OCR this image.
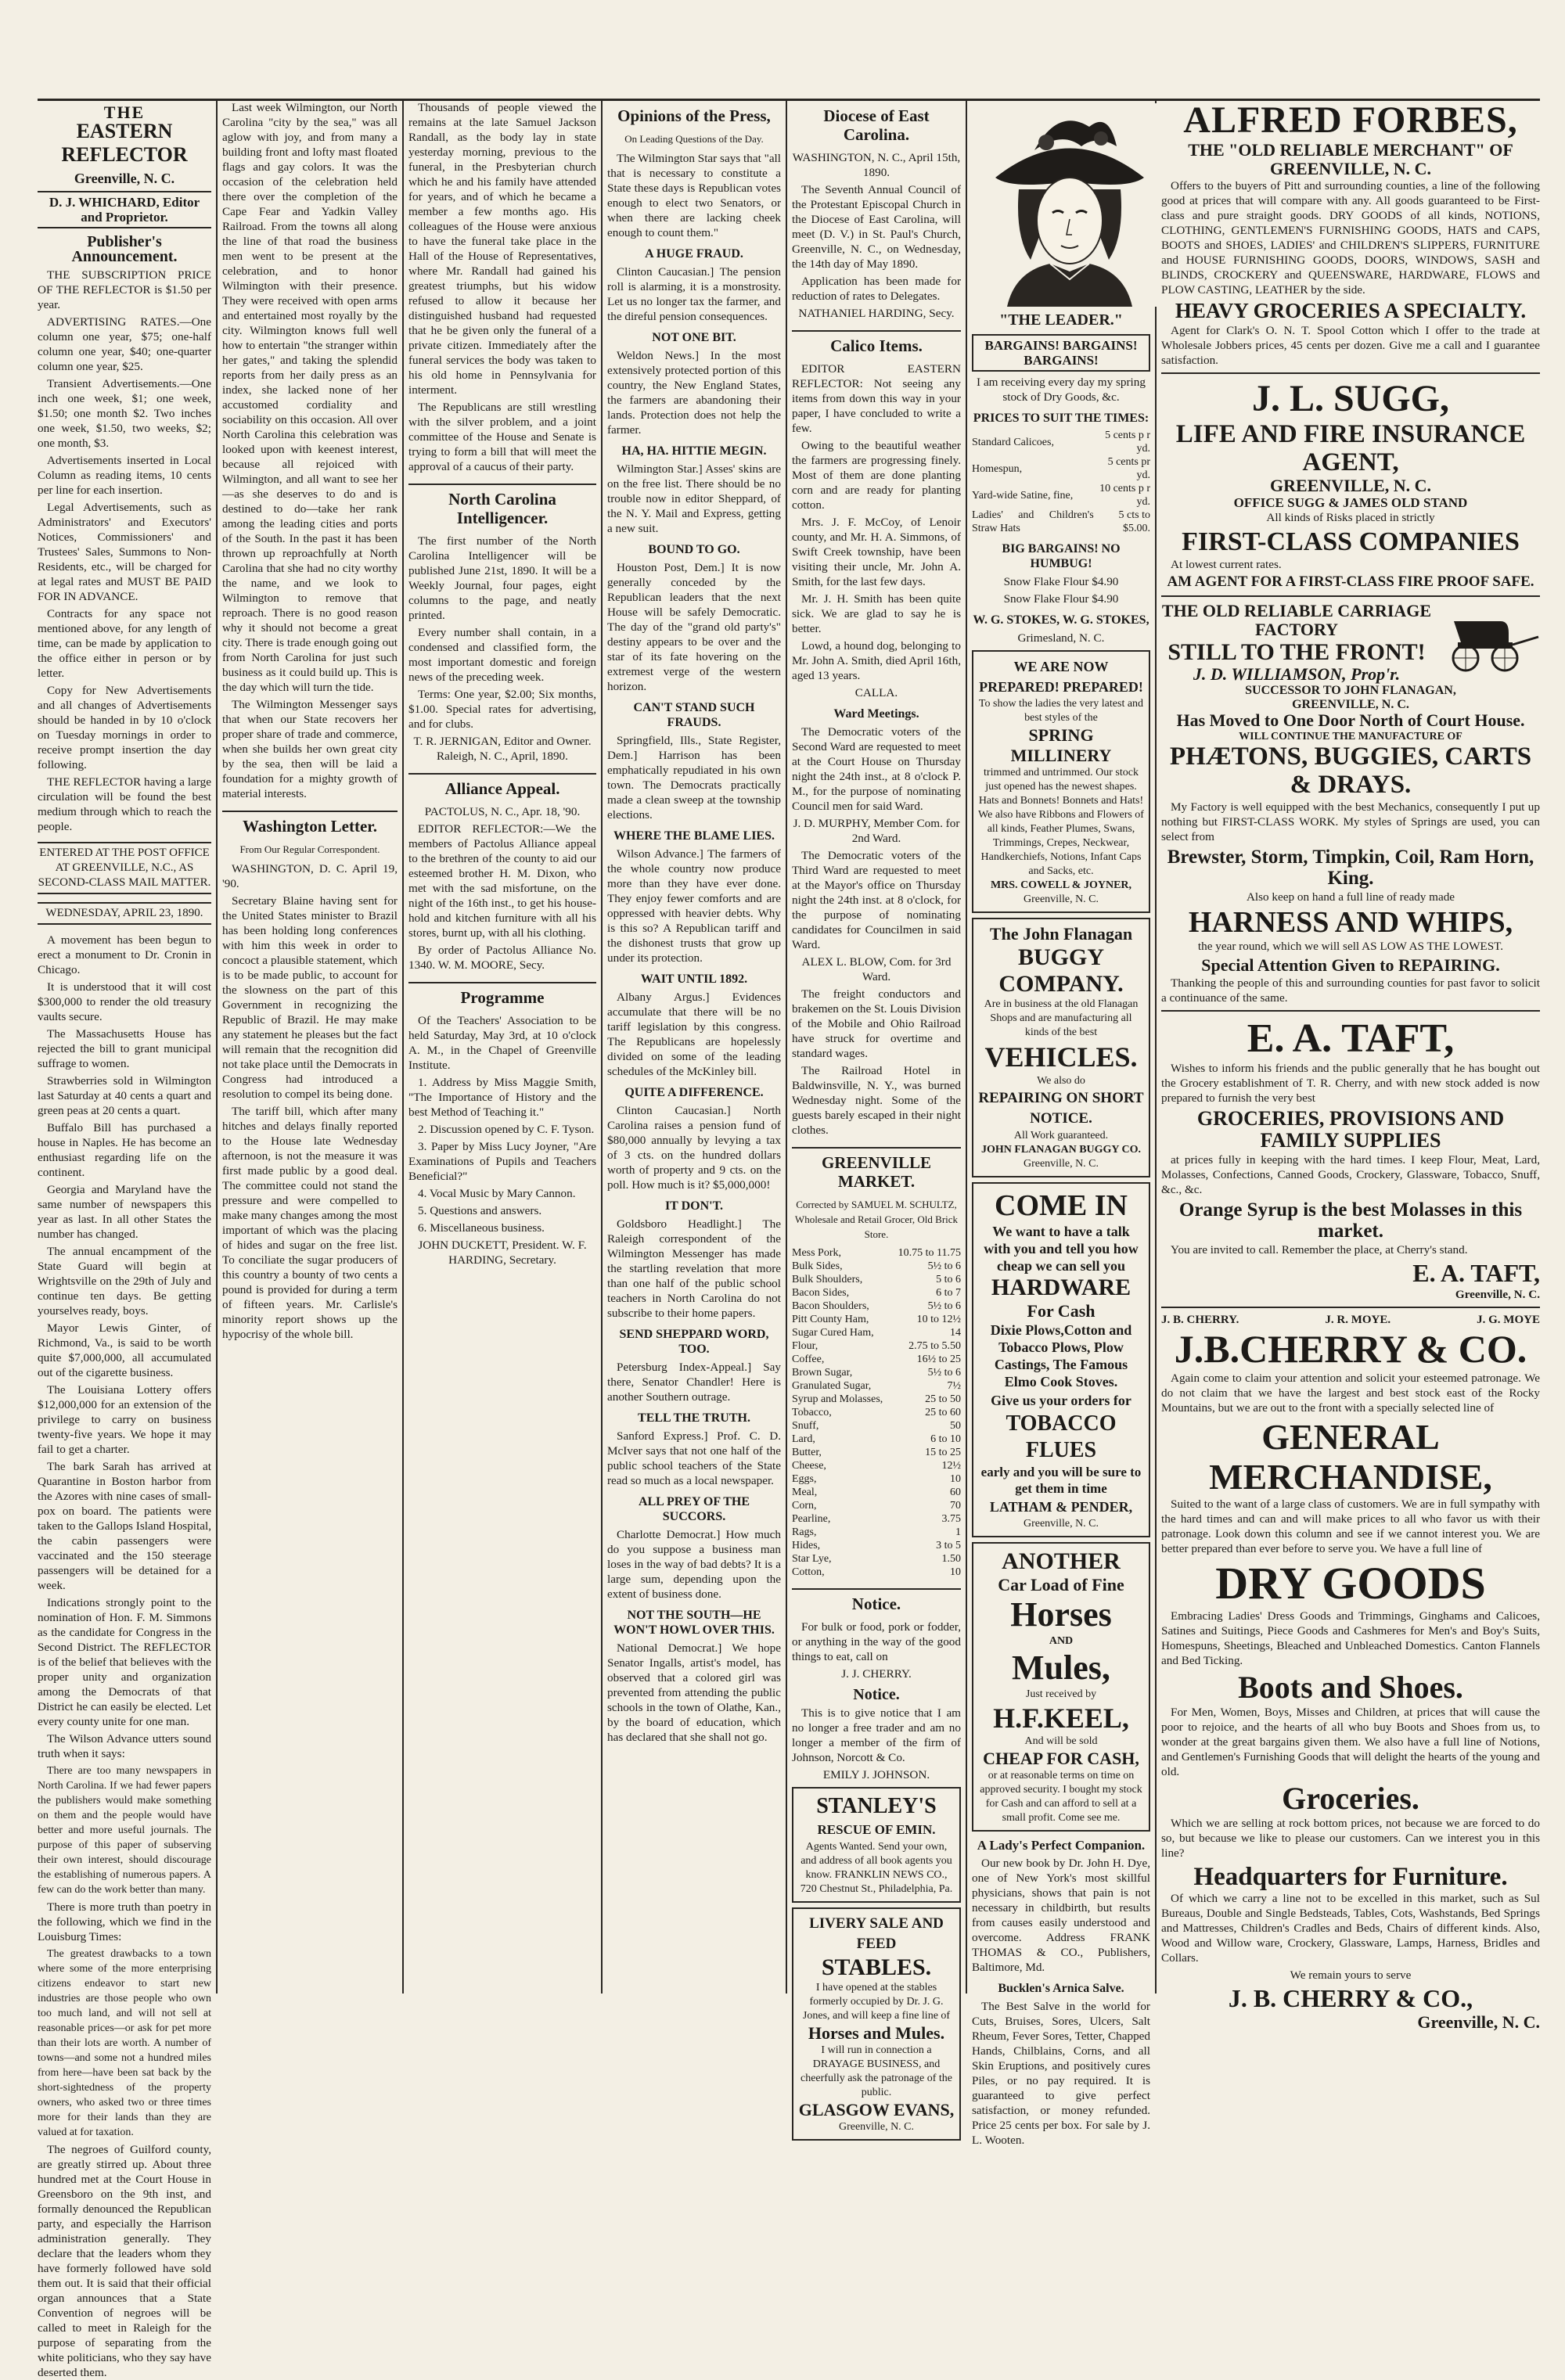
THE
EASTERN REFLECTOR
Greenville, N. C.
D. J. WHICHARD, Editor and Proprietor.
Publisher's Announcement.

THE SUBSCRIPTION PRICE OF THE REFLECTOR is $1.50 per year.

ADVERTISING RATES.—One column one year, $75; one-half column one year, $40; one-quarter column one year, $25.

Transient Advertisements.—One inch one week, $1; one week, $1.50; one month $2. Two inches one week, $1.50, two weeks, $2; one month, $3.

Advertisements inserted in Local Column as reading items, 10 cents per line for each insertion.

Legal Advertisements, such as Administrators' and Executors' Notices, Commissioners' and Trustees' Sales, Summons to Non-Residents, etc., will be charged for at legal rates and MUST BE PAID FOR IN ADVANCE.

Contracts for any space not mentioned above, for any length of time, can be made by application to the office either in person or by letter.

Copy for New Advertisements and all changes of Advertisements should be handed in by 10 o'clock on Tuesday mornings in order to receive prompt insertion the day following.

THE REFLECTOR having a large circulation will be found the best medium through which to reach the people.

ENTERED AT THE POST OFFICE AT GREENVILLE, N.C., AS SECOND-CLASS MAIL MATTER.
WEDNESDAY, APRIL 23, 1890.

A movement has been begun to erect a monument to Dr. Cronin in Chicago.

It is understood that it will cost $300,000 to render the old treasury vaults secure.

The Massachusetts House has rejected the bill to grant municipal suffrage to women.

Strawberries sold in Wilmington last Saturday at 40 cents a quart and green peas at 20 cents a quart.

Buffalo Bill has purchased a house in Naples. He has become an enthusiast regarding life on the continent.

Georgia and Maryland have the same number of newspapers this year as last. In all other States the number has changed.

The annual encampment of the State Guard will begin at Wrightsville on the 29th of July and continue ten days. Be getting yourselves ready, boys.

Mayor Lewis Ginter, of Richmond, Va., is said to be worth quite $7,000,000, all accumulated out of the cigarette business.

The Louisiana Lottery offers $12,000,000 for an extension of the privilege to carry on business twenty-five years. We hope it may fail to get a charter.

The bark Sarah has arrived at Quarantine in Boston harbor from the Azores with nine cases of small-pox on board. The patients were taken to the Gallops Island Hospital, the cabin passengers were vaccinated and the 150 steerage passengers will be detained for a week.

Indications strongly point to the nomination of Hon. F. M. Simmons as the candidate for Congress in the Second District. The REFLECTOR is of the belief that believes with the proper unity and organization among the Democrats of that District he can easily be elected. Let every county unite for one man.

The Wilson Advance utters sound truth when it says:

There are too many newspapers in North Carolina. If we had fewer papers the publishers would make something on them and the people would have better and more useful journals. The purpose of this paper of subserving their own interest, should discourage the establishing of numerous papers. A few can do the work better than many.

There is more truth than poetry in the following, which we find in the Louisburg Times:

The greatest drawbacks to a town where some of the more enterprising citizens endeavor to start new industries are those people who own too much land, and will not sell at reasonable prices—or ask for pet more than their lots are worth. A number of towns—and some not a hundred miles from here—have been sat back by the short-sightedness of the property owners, who asked two or three times more for their lands than they are valued at for taxation.

The negroes of Guilford county, are greatly stirred up. About three hundred met at the Court House in Greensboro on the 9th inst, and formally denounced the Republican party, and especially the Harrison administration generally. They declare that the leaders whom they have formerly followed have sold them out. It is said that their official organ announces that a State Convention of negroes will be called to meet in Raleigh for the purpose of separating from the white politicians, who they say have deserted them.

Last week Wilmington, our North Carolina "city by the sea," was all aglow with joy, and from many a building front and lofty mast floated flags and gay colors. It was the occasion of the celebration held there over the completion of the Cape Fear and Yadkin Valley Railroad. From the towns all along the line of that road the business men went to be present at the celebration, and to honor Wilmington with their presence. They were received with open arms and entertained most royally by the city. Wilmington knows full well how to entertain "the stranger within her gates," and taking the splendid reports from her daily press as an index, she lacked none of her accustomed cordiality and sociability on this occasion. All over North Carolina this celebration was looked upon with keenest interest, because all rejoiced with Wilmington, and all want to see her—as she deserves to do and is destined to do—take her rank among the leading cities and ports of the South. In the past it has been thrown up reproachfully at North Carolina that she had no city worthy the name, and we look to Wilmington to remove that reproach. There is no good reason why it should not become a great city. There is trade enough going out from North Carolina for just such business as it could build up. This is the day which will turn the tide.

The Wilmington Messenger says that when our State recovers her proper share of trade and commerce, when she builds her own great city by the sea, then will be laid a foundation for a mighty growth of material interests.

Washington Letter.
From Our Regular Correspondent.

WASHINGTON, D. C. April 19, '90.

Secretary Blaine having sent for the United States minister to Brazil has been holding long conferences with him this week in order to concoct a plausible statement, which is to be made public, to account for the slowness on the part of this Government in recognizing the Republic of Brazil. He may make any statement he pleases but the fact will remain that the recognition did not take place until the Democrats in Congress had introduced a resolution to compel its being done.

The tariff bill, which after many hitches and delays finally reported to the House late Wednesday afternoon, is not the measure it was first made public by a good deal. The committee could not stand the pressure and were compelled to make many changes among the most important of which was the placing of hides and sugar on the free list. To conciliate the sugar producers of this country a bounty of two cents a pound is provided for during a term of fifteen years. Mr. Carlisle's minority report shows up the hypocrisy of the whole bill.

Thousands of people viewed the remains at the late Samuel Jackson Randall, as the body lay in state yesterday morning, previous to the funeral, in the Presbyterian church which he and his family have attended for years, and of which he became a member a few months ago. His colleagues of the House were anxious to have the funeral take place in the Hall of the House of Representatives, where Mr. Randall had gained his greatest triumphs, but his widow refused to allow it because her distinguished husband had requested that he be given only the funeral of a private citizen. Immediately after the funeral services the body was taken to his old home in Pennsylvania for interment.

The Republicans are still wrestling with the silver problem, and a joint committee of the House and Senate is trying to form a bill that will meet the approval of a caucus of their party.

North Carolina Intelligencer.

The first number of the North Carolina Intelligencer will be published June 21st, 1890. It will be a Weekly Journal, four pages, eight columns to the page, and neatly printed.

Every number shall contain, in a condensed and classified form, the most important domestic and foreign news of the preceding week.

Terms: One year, $2.00; Six months, $1.00. Special rates for advertising, and for clubs.

T. R. JERNIGAN, Editor and Owner. Raleigh, N. C., April, 1890.

Alliance Appeal.

PACTOLUS, N. C., Apr. 18, '90.

EDITOR REFLECTOR:—We the members of Pactolus Alliance appeal to the brethren of the county to aid our esteemed brother H. M. Dixon, who met with the sad misfortune, on the night of the 16th inst., to get his house-hold and kitchen furniture with all his stores, burnt up, with all his clothing.

By order of Pactolus Alliance No. 1340. W. M. MOORE, Secy.

Programme

Of the Teachers' Association to be held Saturday, May 3rd, at 10 o'clock A. M., in the Chapel of Greenville Institute.

1. Address by Miss Maggie Smith, "The Importance of History and the best Method of Teaching it."

2. Discussion opened by C. F. Tyson.

3. Paper by Miss Lucy Joyner, "Are Examinations of Pupils and Teachers Beneficial?"

4. Vocal Music by Mary Cannon.

5. Questions and answers.

6. Miscellaneous business.

JOHN DUCKETT, President. W. F. HARDING, Secretary.

Opinions of the Press,
On Leading Questions of the Day.

The Wilmington Star says that "all that is necessary to constitute a State these days is Republican votes enough to elect two Senators, or when there are lacking cheek enough to count them."

A HUGE FRAUD.

Clinton Caucasian.] The pension roll is alarming, it is a monstrosity. Let us no longer tax the farmer, and the direful pension consequences.

NOT ONE BIT.

Weldon News.] In the most extensively protected portion of this country, the New England States, the farmers are abandoning their lands. Protection does not help the farmer.

HA, HA. HITTIE MEGIN.

Wilmington Star.] Asses' skins are on the free list. There should be no trouble now in editor Sheppard, of the N. Y. Mail and Express, getting a new suit.

BOUND TO GO.

Houston Post, Dem.] It is now generally conceded by the Republican leaders that the next House will be safely Democratic. The day of the "grand old party's" destiny appears to be over and the star of its fate hovering on the extremest verge of the western horizon.

CAN'T STAND SUCH FRAUDS.

Springfield, Ills., State Register, Dem.] Harrison has been emphatically repudiated in his own town. The Democrats practically made a clean sweep at the township elections.

WHERE THE BLAME LIES.

Wilson Advance.] The farmers of the whole country now produce more than they have ever done. They enjoy fewer comforts and are oppressed with heavier debts. Why is this so? A Republican tariff and the dishonest trusts that grow up under its protection.

WAIT UNTIL 1892.

Albany Argus.] Evidences accumulate that there will be no tariff legislation by this congress. The Republicans are hopelessly divided on some of the leading schedules of the McKinley bill.

QUITE A DIFFERENCE.

Clinton Caucasian.] North Carolina raises a pension fund of $80,000 annually by levying a tax of 3 cts. on the hundred dollars worth of property and 9 cts. on the poll. How much is it? $5,000,000!

IT DON'T.

Goldsboro Headlight.] The Raleigh correspondent of the Wilmington Messenger has made the startling revelation that more than one half of the public school teachers in North Carolina do not subscribe to their home papers.

SEND SHEPPARD WORD, TOO.

Petersburg Index-Appeal.] Say there, Senator Chandler! Here is another Southern outrage.

TELL THE TRUTH.

Sanford Express.] Prof. C. D. McIver says that not one half of the public school teachers of the State read so much as a local newspaper.

ALL PREY OF THE SUCCORS.

Charlotte Democrat.] How much do you suppose a business man loses in the way of bad debts? It is a large sum, depending upon the extent of business done.

NOT THE SOUTH—HE WON'T HOWL OVER THIS.

National Democrat.] We hope Senator Ingalls, artist's model, has observed that a colored girl was prevented from attending the public schools in the town of Olathe, Kan., by the board of education, which has declared that she shall not go.

Diocese of East Carolina.

WASHINGTON, N. C., April 15th, 1890.

The Seventh Annual Council of the Protestant Episcopal Church in the Diocese of East Carolina, will meet (D. V.) in St. Paul's Church, Greenville, N. C., on Wednesday, the 14th day of May 1890.

Application has been made for reduction of rates to Delegates.

NATHANIEL HARDING, Secy.

Calico Items.

EDITOR EASTERN REFLECTOR: Not seeing any items from down this way in your paper, I have concluded to write a few.

Owing to the beautiful weather the farmers are progressing finely. Most of them are done planting corn and are ready for planting cotton.

Mrs. J. F. McCoy, of Lenoir county, and Mr. H. A. Simmons, of Swift Creek township, have been visiting their uncle, Mr. John A. Smith, for the last few days.

Mr. J. H. Smith has been quite sick. We are glad to say he is better.

Lowd, a hound dog, belonging to Mr. John A. Smith, died April 16th, aged 13 years.

CALLA.

Ward Meetings.

The Democratic voters of the Second Ward are requested to meet at the Court House on Thursday night the 24th inst., at 8 o'clock P. M., for the purpose of nominating Council men for said Ward.

J. D. MURPHY, Member Com. for 2nd Ward.

The Democratic voters of the Third Ward are requested to meet at the Mayor's office on Thursday night the 24th inst. at 8 o'clock, for the purpose of nominating candidates for Councilmen in said Ward.

ALEX L. BLOW, Com. for 3rd Ward.

The freight conductors and brakemen on the St. Louis Division of the Mobile and Ohio Railroad have struck for overtime and standard wages.

The Railroad Hotel in Baldwinsville, N. Y., was burned Wednesday night. Some of the guests barely escaped in their night clothes.

GREENVILLE MARKET.
Corrected by SAMUEL M. SCHULTZ, Wholesale and Retail Grocer, Old Brick Store.
Mess Pork,	10.75 to 11.75
Bulk Sides,	5½ to 6
Bulk Shoulders,	5 to 6
Bacon Sides,	6 to 7
Bacon Shoulders,	5½ to 6
Pitt County Ham,	10 to 12½
Sugar Cured Ham,	14
Flour,	2.75 to 5.50
Coffee,	16½ to 25
Brown Sugar,	5½ to 6
Granulated Sugar,	7½
Syrup and Molasses,	25 to 50
Tobacco,	25 to 60
Snuff,	50
Lard,	6 to 10
Butter,	15 to 25
Cheese,	12½
Eggs,	10
Meal,	60
Corn,	70
Pearline,	3.75
Rags,	1
Hides,	3 to 5
Star Lye,	1.50
Cotton,	10
Notice.

For bulk or food, pork or fodder, or anything in the way of the good things to eat, call on

J. J. CHERRY.

Notice.

This is to give notice that I am no longer a free trader and am no longer a member of the firm of Johnson, Norcott & Co.

EMILY J. JOHNSON.

STANLEY'S
RESCUE OF EMIN.
Agents Wanted. Send your own, and address of all book agents you know. FRANKLIN NEWS CO., 720 Chestnut St., Philadelphia, Pa.
LIVERY SALE AND FEED
STABLES.
I have opened at the stables formerly occupied by Dr. J. G. Jones, and will keep a fine line of
Horses and Mules.
I will run in connection a DRAYAGE BUSINESS, and cheerfully ask the patronage of the public.
GLASGOW EVANS,
Greenville, N. C.
"THE LEADER."
BARGAINS! BARGAINS! BARGAINS!

I am receiving every day my spring stock of Dry Goods, &c.

PRICES TO SUIT THE TIMES:
Standard Calicoes,	5 cents p r yd.
Homespun,	5 cents pr yd.
Yard-wide Satine, fine,	10 cents p r yd.
Ladies' and Children's Straw Hats	5 cts to $5.00.
BIG BARGAINS! NO HUMBUG!

Snow Flake Flour $4.90

Snow Flake Flour $4.90

W. G. STOKES, W. G. STOKES,

Grimesland, N. C.

WE ARE NOW PREPARED! PREPARED!
To show the ladies the very latest and best styles of the
SPRING MILLINERY
trimmed and untrimmed. Our stock just opened has the newest shapes. Hats and Bonnets! Bonnets and Hats! We also have Ribbons and Flowers of all kinds, Feather Plumes, Swans, Trimmings, Crepes, Neckwear, Handkerchiefs, Notions, Infant Caps and Sacks, etc.
MRS. COWELL & JOYNER,
Greenville, N. C.
The John Flanagan
BUGGY COMPANY.
Are in business at the old Flanagan Shops and are manufacturing all kinds of the best
VEHICLES.
We also do
REPAIRING ON SHORT NOTICE.
All Work guaranteed.
JOHN FLANAGAN BUGGY CO.
Greenville, N. C.
COME IN
We want to have a talk with you and tell you how cheap we can sell you
HARDWARE
For Cash
Dixie Plows,Cotton and Tobacco Plows, Plow Castings, The Famous Elmo Cook Stoves.
Give us your orders for
TOBACCO FLUES
early and you will be sure to get them in time
LATHAM & PENDER,
Greenville, N. C.
ANOTHER
Car Load of Fine
Horses
AND
Mules,
Just received by
H.F.KEEL,
And will be sold
CHEAP FOR CASH,
or at reasonable terms on time on approved security. I bought my stock for Cash and can afford to sell at a small profit. Come see me.
A Lady's Perfect Companion.

Our new book by Dr. John H. Dye, one of New York's most skillful physicians, shows that pain is not necessary in childbirth, but results from causes easily understood and overcome. Address FRANK THOMAS & CO., Publishers, Baltimore, Md.

Bucklen's Arnica Salve.

The Best Salve in the world for Cuts, Bruises, Sores, Ulcers, Salt Rheum, Fever Sores, Tetter, Chapped Hands, Chilblains, Corns, and all Skin Eruptions, and positively cures Piles, or no pay required. It is guaranteed to give perfect satisfaction, or money refunded. Price 25 cents per box. For sale by J. L. Wooten.

ALFRED FORBES,
THE "OLD RELIABLE MERCHANT" OF GREENVILLE, N. C.

Offers to the buyers of Pitt and surrounding counties, a line of the following good at prices that will compare with any. All goods guaranteed to be First-class and pure straight goods. DRY GOODS of all kinds, NOTIONS, CLOTHING, GENTLEMEN'S FURNISHING GOODS, HATS and CAPS, BOOTS and SHOES, LADIES' and CHILDREN'S SLIPPERS, FURNITURE and HOUSE FURNISHING GOODS, DOORS, WINDOWS, SASH and BLINDS, CROCKERY and QUEENSWARE, HARDWARE, FLOWS and PLOW CASTING, LEATHER by the side.

HEAVY GROCERIES A SPECIALTY.

Agent for Clark's O. N. T. Spool Cotton which I offer to the trade at Wholesale Jobbers prices, 45 cents per dozen. Give me a call and I guarantee satisfaction.

J. L. SUGG,
LIFE AND FIRE INSURANCE AGENT,
GREENVILLE, N. C.
OFFICE SUGG & JAMES OLD STAND

All kinds of Risks placed in strictly

FIRST-CLASS COMPANIES

At lowest current rates.

AM AGENT FOR A FIRST-CLASS FIRE PROOF SAFE.
THE OLD RELIABLE CARRIAGE FACTORY
STILL TO THE FRONT!
J. D. WILLIAMSON, Prop'r.
SUCCESSOR TO JOHN FLANAGAN,
GREENVILLE, N. C.
Has Moved to One Door North of Court House.
WILL CONTINUE THE MANUFACTURE OF
PHÆTONS, BUGGIES, CARTS & DRAYS.

My Factory is well equipped with the best Mechanics, consequently I put up nothing but FIRST-CLASS WORK. My styles of Springs are used, you can select from

Brewster, Storm, Timpkin, Coil, Ram Horn, King.

Also keep on hand a full line of ready made

HARNESS AND WHIPS,

the year round, which we will sell AS LOW AS THE LOWEST.

Special Attention Given to REPAIRING.

Thanking the people of this and surrounding counties for past favor to solicit a continuance of the same.

E. A. TAFT,

Wishes to inform his friends and the public generally that he has bought out the Grocery establishment of T. R. Cherry, and with new stock added is now prepared to furnish the very best

GROCERIES, PROVISIONS AND FAMILY SUPPLIES

at prices fully in keeping with the hard times. I keep Flour, Meat, Lard, Molasses, Confections, Canned Goods, Crockery, Glassware, Tobacco, Snuff, &c., &c.

Orange Syrup is the best Molasses in this market.

You are invited to call. Remember the place, at Cherry's stand.

E. A. TAFT,
Greenville, N. C.
J. B. CHERRY.	J. R. MOYE.	J. G. MOYE
J.B.CHERRY & CO.

Again come to claim your attention and solicit your esteemed patronage. We do not claim that we have the largest and best stock east of the Rocky Mountains, but we are out to the front with a specially selected line of

GENERAL MERCHANDISE,

Suited to the want of a large class of customers. We are in full sympathy with the hard times and can and will make prices to all who favor us with their patronage. Look down this column and see if we cannot interest you. We are better prepared than ever before to serve you. We have a full line of

DRY GOODS

Embracing Ladies' Dress Goods and Trimmings, Ginghams and Calicoes, Satines and Suitings, Piece Goods and Cashmeres for Men's and Boy's Suits, Homespuns, Sheetings, Bleached and Unbleached Domestics. Canton Flannels and Bed Ticking.

Boots and Shoes.

For Men, Women, Boys, Misses and Children, at prices that will cause the poor to rejoice, and the hearts of all who buy Boots and Shoes from us, to wonder at the great bargains given them. We also have a full line of Notions, and Gentlemen's Furnishing Goods that will delight the hearts of the young and old.

Groceries.

Which we are selling at rock bottom prices, not because we are forced to do so, but because we like to please our customers. Can we interest you in this line?

Headquarters for Furniture.

Of which we carry a line not to be excelled in this market, such as Sul Bureaus, Double and Single Bedsteads, Tables, Cots, Washstands, Bed Springs and Mattresses, Children's Cradles and Beds, Chairs of different kinds. Also, Wood and Willow ware, Crockery, Glassware, Lamps, Harness, Bridles and Collars.

We remain yours to serve

J. B. CHERRY & CO.,
Greenville, N. C.
